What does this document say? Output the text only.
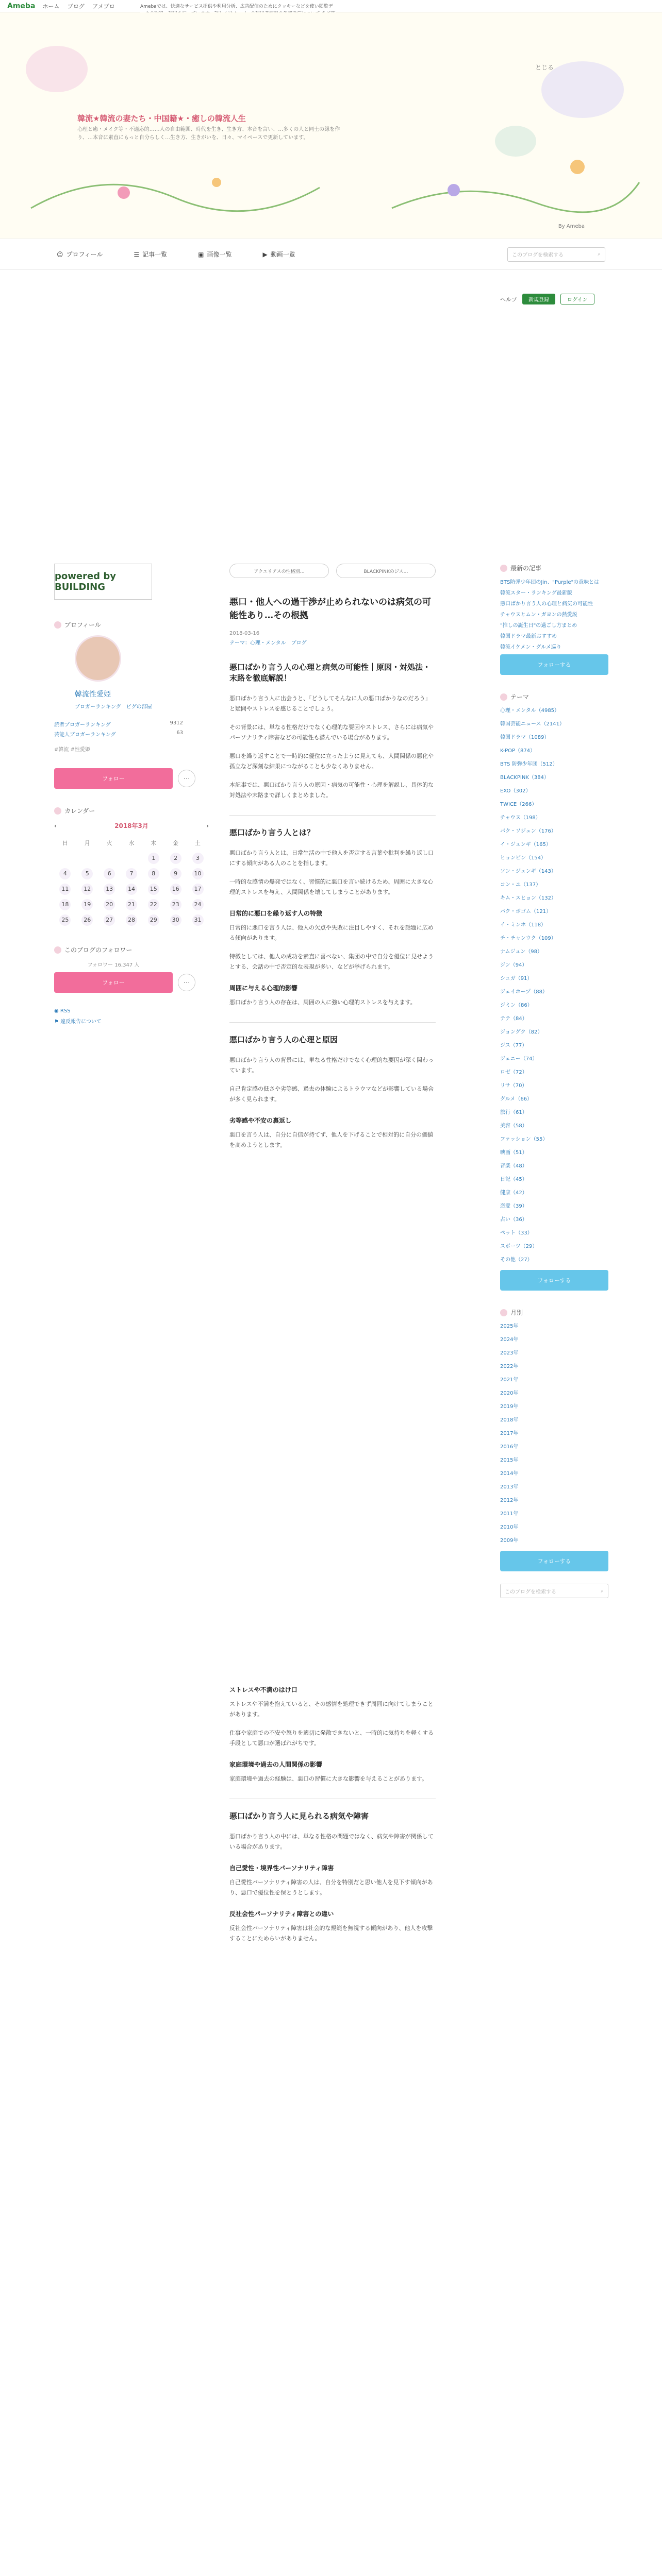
Ameba ホーム ブログ アメブロ
ヘルプ	新規登録	ログイン
Amebaでは、快適なサービス提供や利用分析、広告配信のためにクッキーなどを使い閲覧デ
とじる
韓流★韓流の妻たち・中国籍★・癒しの韓流人生
心理と癒・メイク等・不適応的……人の自由範囲、時代を生き、生き方、本音を言い、…多くの人と同士の縁を作り、…本音に素直にもっと自分らしく…生き方、生きがいを、日々、マイペースで更新しています。
By Ameba
☺ プロフィール	☰ 記事一覧	▣ 画像一覧	▶ 動画一覧	このブログを検索する	⌕
powered by BUILDING
プロフィール
韓流性愛姫
ブロガーランキング　 ピグの部屋
読者ブロガーランキング	9312
芸能人ブロガーランキング	63
#韓流 #性愛姫
フォロー	⋯
カレンダー
‹	2018年3月	›
日	月	火	水	木	金	土
				1	2	3
4	5	6	7	8	9	10
11	12	13	14	15	16	17
18	19	20	21	22	23	24
25	26	27	28	29	30	31
このブログのフォロワー
フォロワー 16,347 人
フォロー	⋯
◉ RSS
⚑ 違反報告について
アクエリアスの性格別…	BLACKPINKのジス…
悪口・他人への過干渉が止められないのは病気の可能性あり…その根拠
2018-03-16
テーマ：心理・メンタル　ブログ
悪口ばかり言う人の心理と病気の可能性｜原因・対処法・末路を徹底解説！

悪口ばかり言う人に出会うと、「どうしてそんなに人の悪口ばかりなのだろう」と疑問やストレスを感じることでしょう。

その背景には、単なる性格だけでなく心理的な要因やストレス、さらには病気やパーソナリティ障害などの可能性も潜んでいる場合があります。

悪口を繰り返すことで一時的に優位に立ったように見えても、人間関係の悪化や孤立など深刻な結果につながることも少なくありません。

本記事では、悪口ばかり言う人の原因・病気の可能性・心理を解説し、具体的な対処法や末路まで詳しくまとめました。

悪口ばかり言う人とは？

悪口ばかり言う人とは、日常生活の中で他人を否定する言葉や批判を繰り返し口にする傾向がある人のことを指します。

一時的な感情の爆発ではなく、習慣的に悪口を言い続けるため、周囲に大きな心理的ストレスを与え、人間関係を壊してしまうことがあります。

日常的に悪口を繰り返す人の特徴

日常的に悪口を言う人は、他人の欠点や失敗に注目しやすく、それを話題に広める傾向があります。

特徴としては、他人の成功を素直に喜べない、集団の中で自分を優位に見せようとする、会話の中で否定的な表現が多い、などが挙げられます。

周囲に与える心理的影響

悪口ばかり言う人の存在は、周囲の人に強い心理的ストレスを与えます。

悪口ばかり言う人の心理と原因

悪口ばかり言う人の背景には、単なる性格だけでなく心理的な要因が深く関わっています。

自己肯定感の低さや劣等感、過去の体験によるトラウマなどが影響している場合が多く見られます。

劣等感や不安の裏返し

悪口を言う人は、自分に自信が持てず、他人を下げることで相対的に自分の価値を高めようとします。

ストレスや不満のはけ口

ストレスや不満を抱えていると、その感情を処理できず周囲に向けてしまうことがあります。

仕事や家庭での不安や怒りを適切に発散できないと、一時的に気持ちを軽くする手段として悪口が選ばれがちです。

家庭環境や過去の人間関係の影響

家庭環境や過去の経験は、悪口の習慣に大きな影響を与えることがあります。

悪口ばかり言う人に見られる病気や障害

悪口ばかり言う人の中には、単なる性格の問題ではなく、病気や障害が関係している場合があります。

自己愛性・境界性パーソナリティ障害

自己愛性パーソナリティ障害の人は、自分を特別だと思い他人を見下す傾向があり、悪口で優位性を保とうとします。

反社会性パーソナリティ障害との違い

反社会性パーソナリティ障害は社会的な規範を無視する傾向があり、他人を攻撃することにためらいがありません。

最新の記事
BTS防弾少年団のJin、"Purple"の意味とは
韓流スター・ランキング最新版
悪口ばかり言う人の心理と病気の可能性
チャウヌとムン・ガヨンの熱愛説
"推しの誕生日"の過ごし方まとめ
韓国ドラマ最新おすすめ
韓流イケメン・グルメ巡り
フォローする
テーマ
心理・メンタル（4985）
韓国芸能ニュース（2141）
韓国ドラマ（1089）
K-POP（874）
BTS 防弾少年団（512）
BLACKPINK（384）
EXO（302）
TWICE（266）
チャウヌ（198）
パク・ソジュン（176）
イ・ジュンギ（165）
ヒョンビン（154）
ソン・ジュンギ（143）
コン・ユ（137）
キム・スヒョン（132）
パク・ボゴム（121）
イ・ミンホ（118）
チ・チャンウク（109）
ナムジュン（98）
ジン（94）
シュガ（91）
ジェイホープ（88）
ジミン（86）
テテ（84）
ジョングク（82）
ジス（77）
ジェニー（74）
ロゼ（72）
リサ（70）
グルメ（66）
旅行（61）
美容（58）
ファッション（55）
映画（51）
音楽（48）
日記（45）
健康（42）
恋愛（39）
占い（36）
ペット（33）
スポーツ（29）
その他（27）
フォローする
月別
2025年
2024年
2023年
2022年
2021年
2020年
2019年
2018年
2017年
2016年
2015年
2014年
2013年
2012年
2011年
2010年
2009年
フォローする
このブログを検索する	⌕
